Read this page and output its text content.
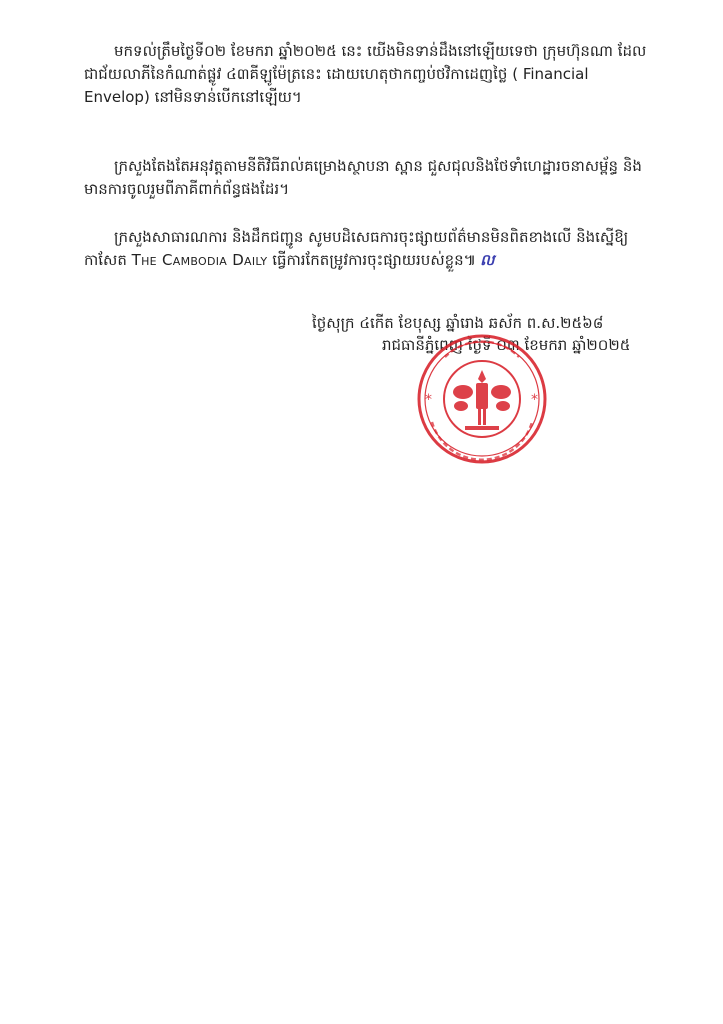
មកទល់ត្រឹមថ្ងៃទី០២ ខែមករា ឆ្នាំ២០២៥ នេះ យើងមិនទាន់ដឹងនៅឡើយទេថា ក្រុមហ៊ុនណា ដែលជាជ័យលាភីនៃកំណាត់ផ្លូវ ៤៣គីឡូម៉ែត្រនេះ ដោយហេតុថាកញ្ចប់ថវិកាដេញថ្លៃ ( Financial Envelop) នៅមិនទាន់បើកនៅឡើយ។

ក្រសួងតែងតែអនុវត្តតាមនីតិវិធីរាល់គម្រោងស្ថាបនា ស្ពាន ជួសជុលនិងថែទាំហេដ្ឋារចនាសម្ព័ន្ធ និងមានការចូលរួមពីភាគីពាក់ព័ន្ធផងដែរ។

ក្រសួងសាធារណការ និងដឹកជញ្ជូន សូមបដិសេធការចុះផ្សាយព័ត៌មានមិនពិតខាងលើ និងស្នើឱ្យ កាសែត The Cambodia Daily ធ្វើការកែតម្រូវការចុះផ្សាយរបស់ខ្លួន៕ ល

ថ្ងៃសុក្រ ៤កើត ខែបុស្ស ឆ្នាំរោង ឆស័ក ព.ស.២៥៦៨
រាជធានីភ្នំពេញ ថ្ងៃទី ០៣ ខែមករា ឆ្នាំ២០២៥
*	*
